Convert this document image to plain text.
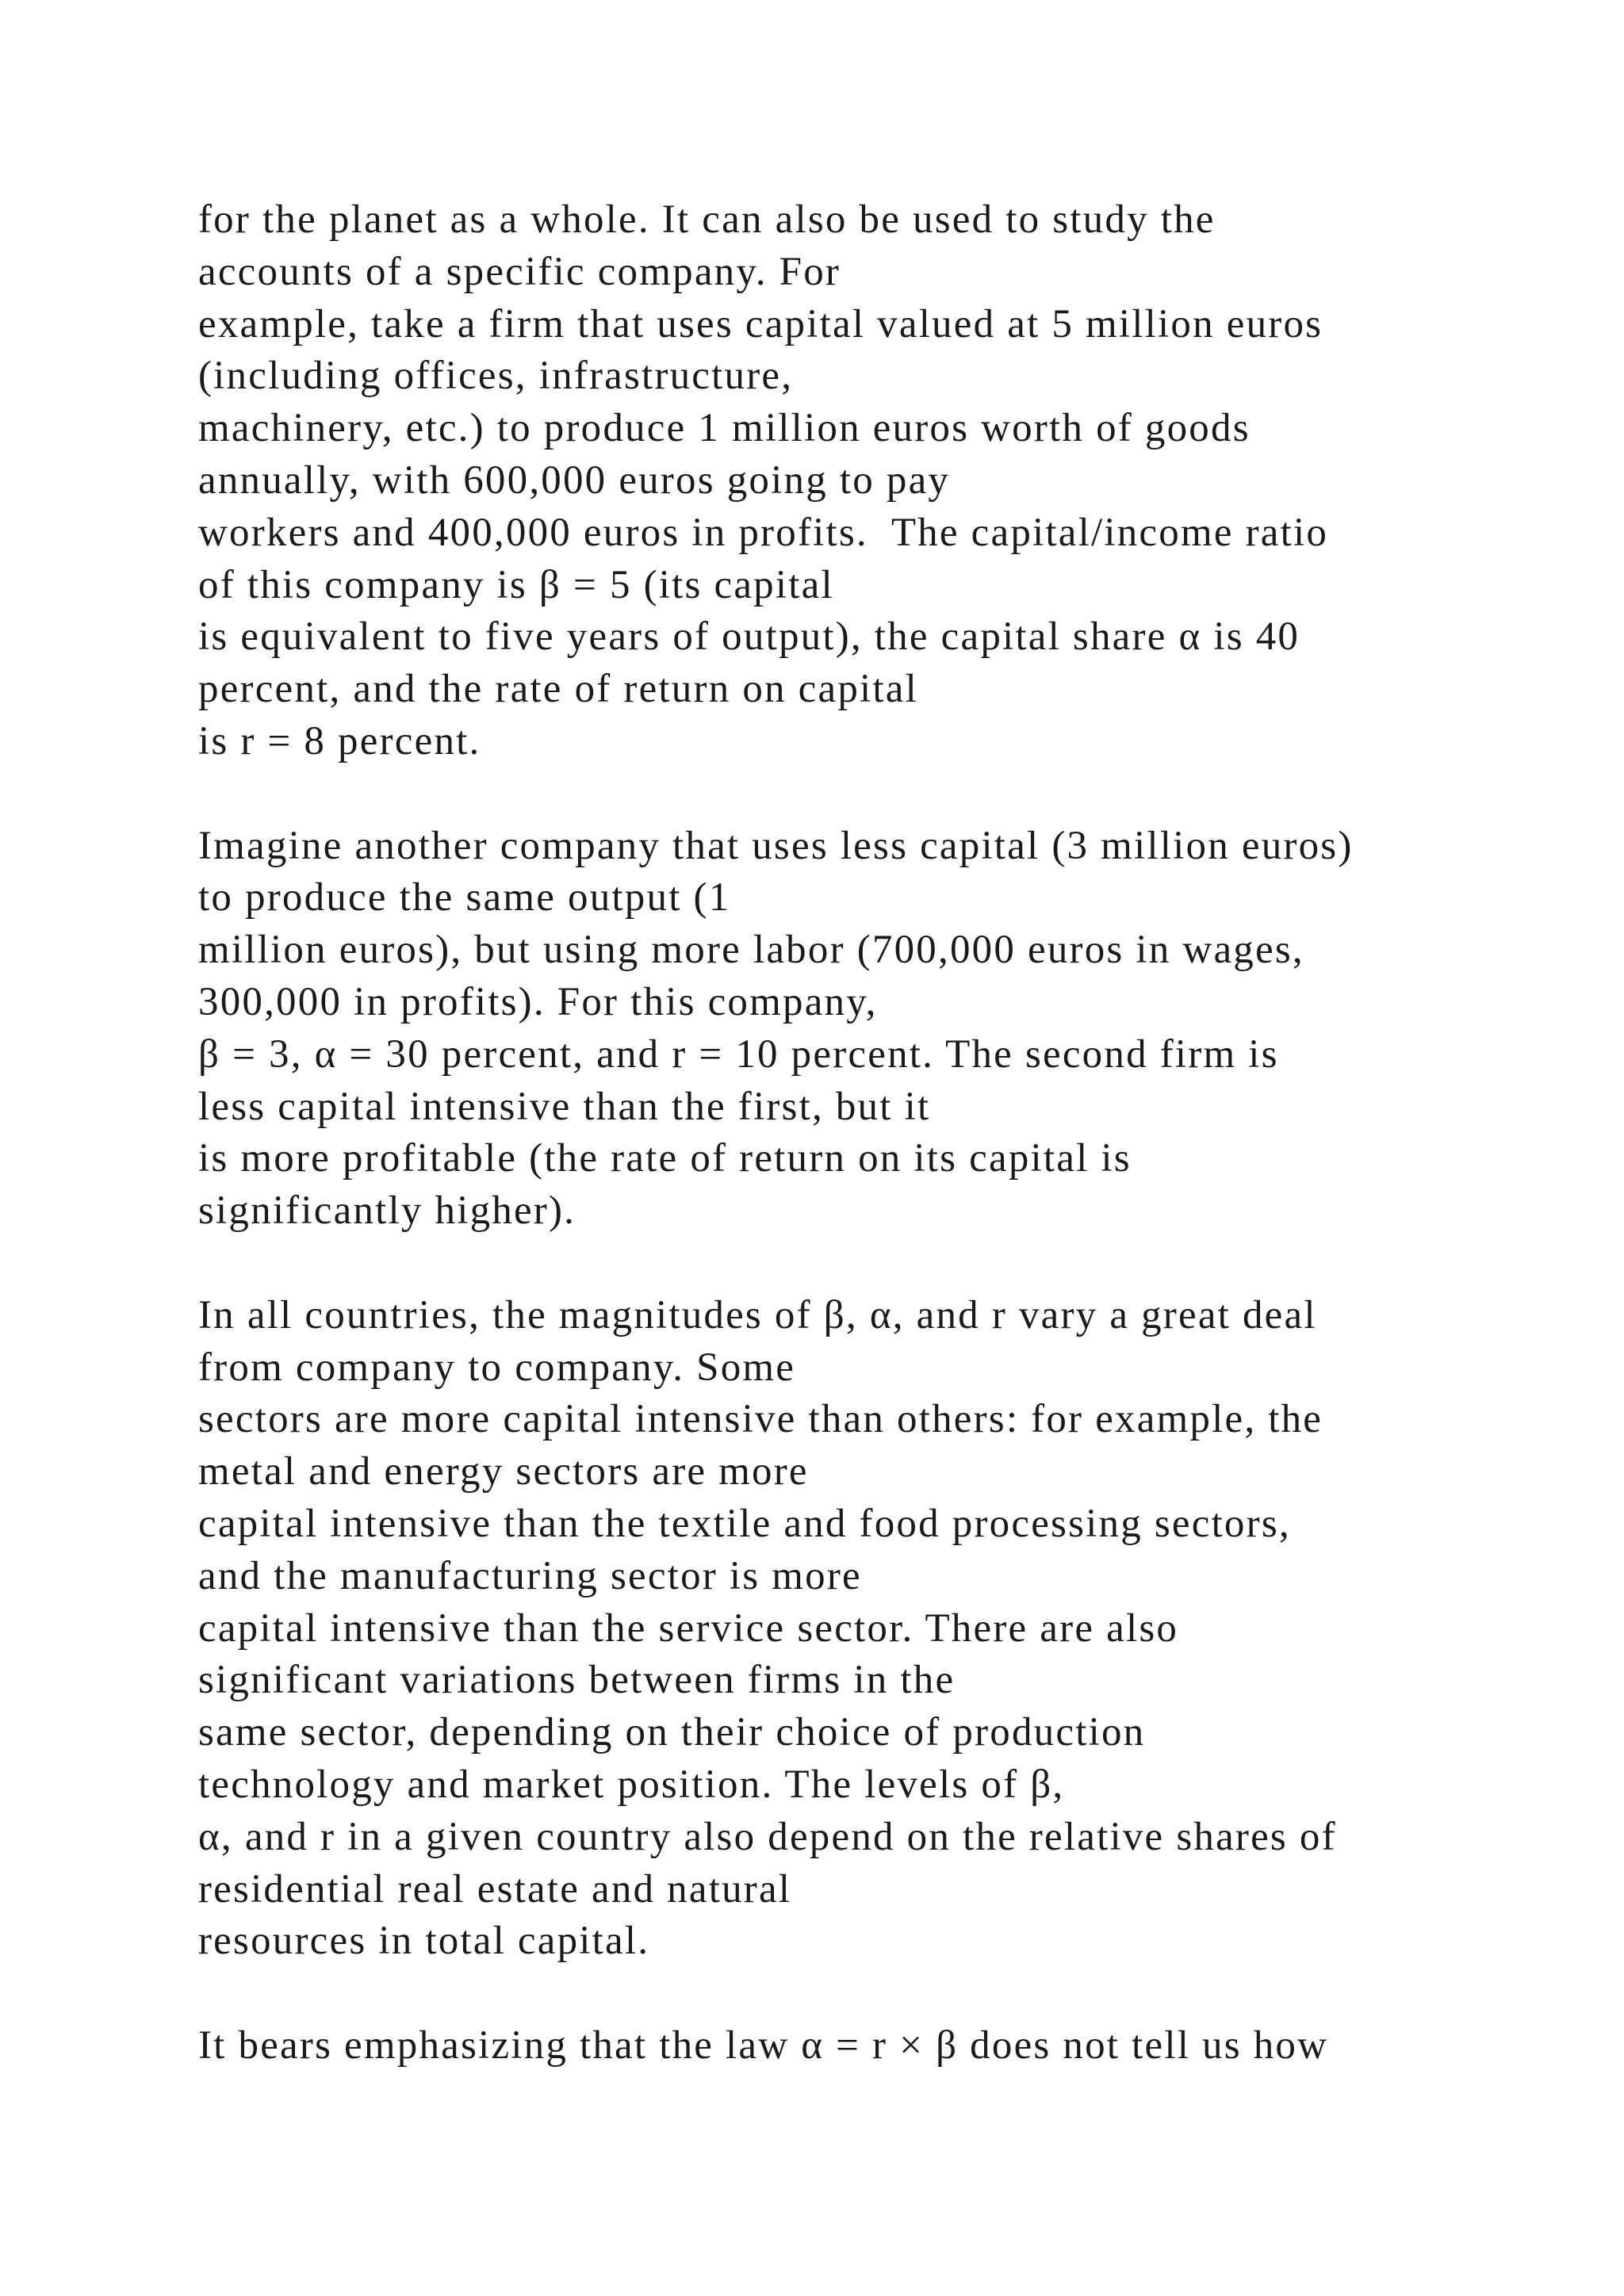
for the planet as a whole. It can also be used to study the
accounts of a specific company. For
example, take a firm that uses capital valued at 5 million euros
(including offices, infrastructure,
machinery, etc.) to produce 1 million euros worth of goods
annually, with 600,000 euros going to pay
workers and 400,000 euros in profits.  The capital/income ratio
of this company is β = 5 (its capital
is equivalent to five years of output), the capital share α is 40
percent, and the rate of return on capital
is r = 8 percent.
Imagine another company that uses less capital (3 million euros)
to produce the same output (1
million euros), but using more labor (700,000 euros in wages,
300,000 in profits). For this company,
β = 3, α = 30 percent, and r = 10 percent. The second firm is
less capital intensive than the first, but it
is more profitable (the rate of return on its capital is
significantly higher).
In all countries, the magnitudes of β, α, and r vary a great deal
from company to company. Some
sectors are more capital intensive than others: for example, the
metal and energy sectors are more
capital intensive than the textile and food processing sectors,
and the manufacturing sector is more
capital intensive than the service sector. There are also
significant variations between firms in the
same sector, depending on their choice of production
technology and market position. The levels of β,
α, and r in a given country also depend on the relative shares of
residential real estate and natural
resources in total capital.
It bears emphasizing that the law α = r × β does not tell us how
